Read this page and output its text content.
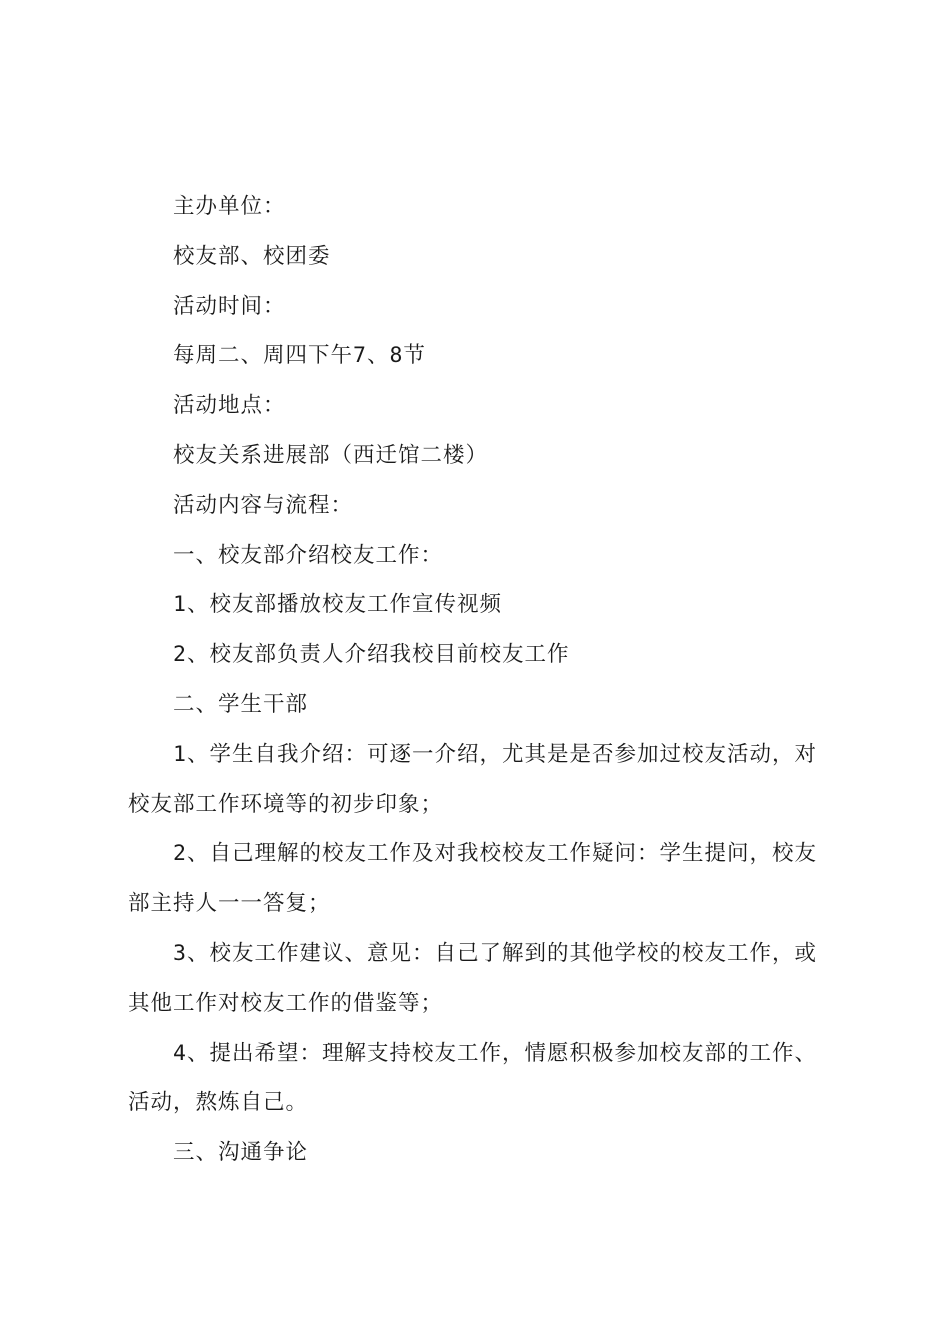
主办单位：

校友部、校团委

活动时间：

每周二、周四下午7、8节

活动地点：

校友关系进展部（西迁馆二楼）

活动内容与流程：

一、校友部介绍校友工作：

1、校友部播放校友工作宣传视频

2、校友部负责人介绍我校目前校友工作

二、学生干部

1、学生自我介绍：可逐一介绍，尤其是是否参加过校友活动，对校友部工作环境等的初步印象；

2、自己理解的校友工作及对我校校友工作疑问：学生提问，校友部主持人一一答复；

3、校友工作建议、意见：自己了解到的其他学校的校友工作，或其他工作对校友工作的借鉴等；

4、提出希望：理解支持校友工作，情愿积极参加校友部的工作、活动，熬炼自己。

三、沟通争论
